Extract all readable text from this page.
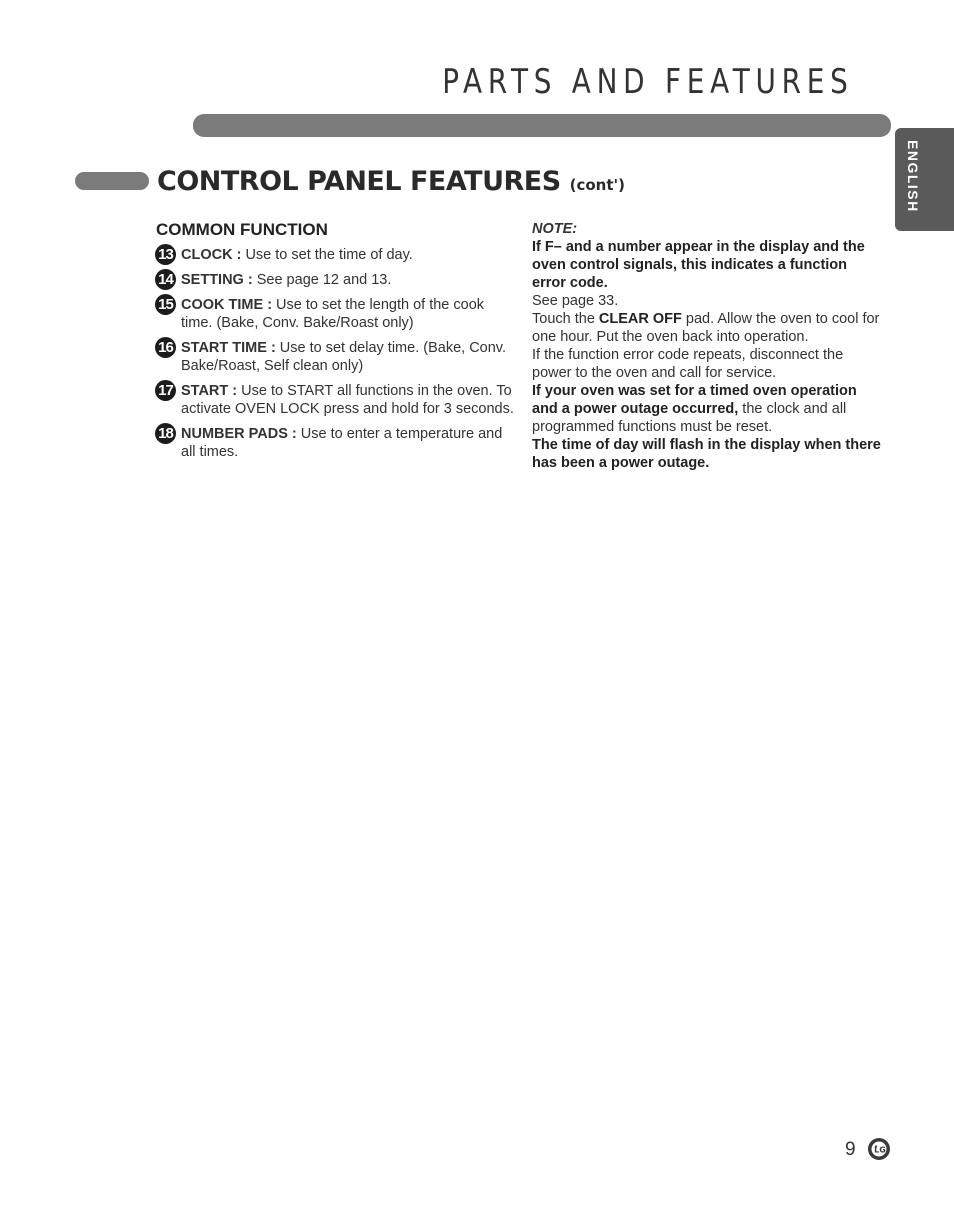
PARTS AND FEATURES
ENGLISH
CONTROL PANEL FEATURES (cont')
COMMON FUNCTION
13 CLOCK : Use to set the time of day.
14 SETTING : See page 12 and 13.
15 COOK TIME : Use to set the length of the cook time. (Bake, Conv. Bake/Roast only)
16 START TIME : Use to set delay time. (Bake, Conv. Bake/Roast, Self clean only)
17 START : Use to START all functions in the oven. To activate OVEN LOCK press and hold for 3 seconds.
18 NUMBER PADS : Use to enter a temperature and all times.

NOTE:

If F– and a number appear in the display and the oven control signals, this indicates a function error code.

See page 33.

Touch the CLEAR OFF pad. Allow the oven to cool for one hour. Put the oven back into operation.

If the function error code repeats, disconnect the power to the oven and call for service.

If your oven was set for a timed oven operation and a power outage occurred, the clock and all programmed functions must be reset.

The time of day will flash in the display when there has been a power outage.

9 LG
